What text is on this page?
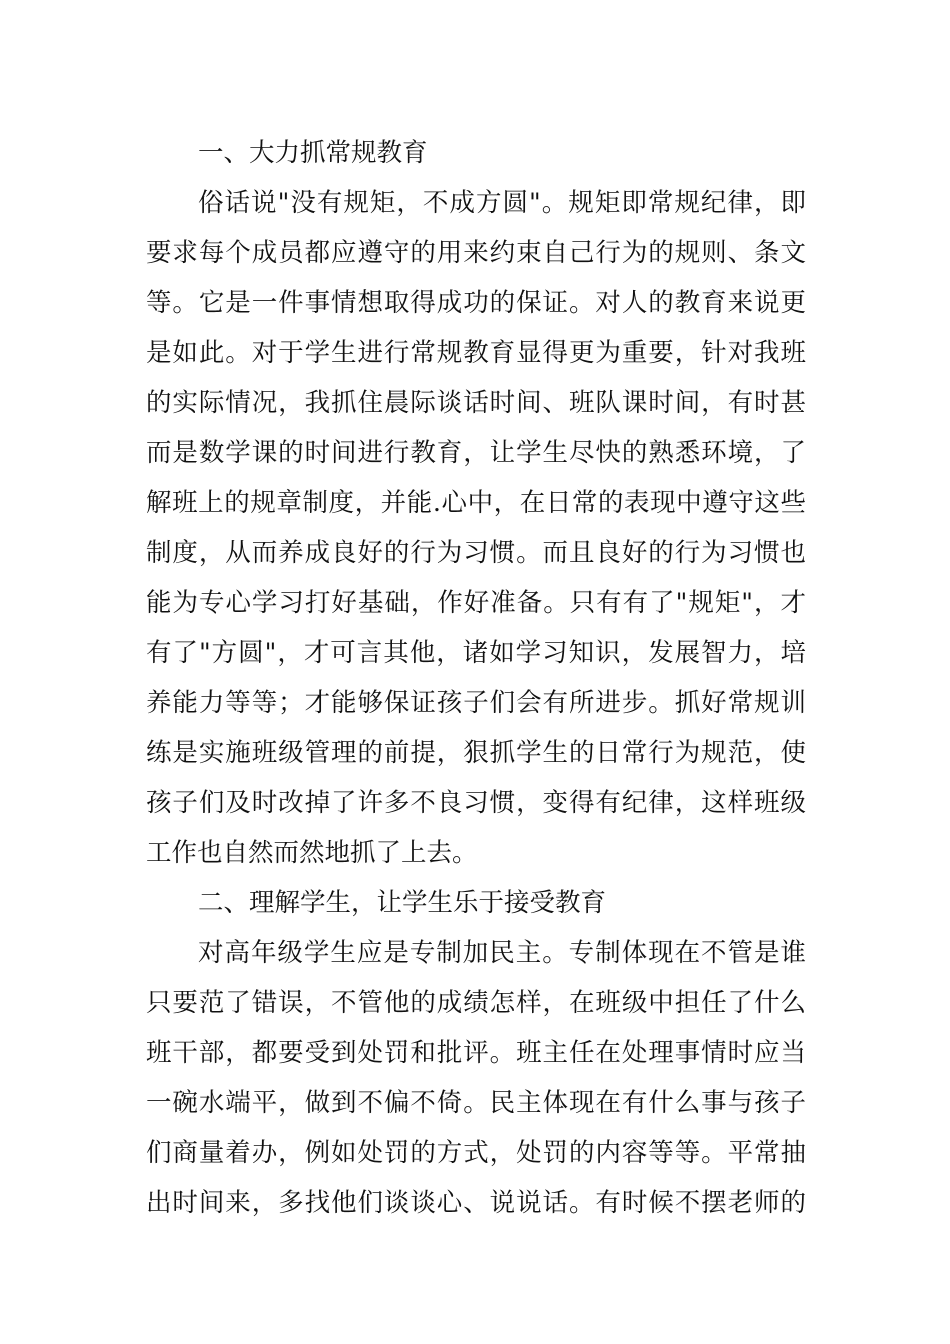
一、大力抓常规教育
俗话说"没有规矩，不成方圆"。规矩即常规纪律，即
要求每个成员都应遵守的用来约束自己行为的规则、条文
等。它是一件事情想取得成功的保证。对人的教育来说更
是如此。对于学生进行常规教育显得更为重要，针对我班
的实际情况，我抓住晨际谈话时间、班队课时间，有时甚
而是数学课的时间进行教育，让学生尽快的熟悉环境，了
解班上的规章制度，并能.心中，在日常的表现中遵守这些
制度，从而养成良好的行为习惯。而且良好的行为习惯也
能为专心学习打好基础，作好准备。只有有了"规矩"，才
有了"方圆"，才可言其他，诸如学习知识，发展智力，培
养能力等等；才能够保证孩子们会有所进步。抓好常规训
练是实施班级管理的前提，狠抓学生的日常行为规范，使
孩子们及时改掉了许多不良习惯，变得有纪律，这样班级
工作也自然而然地抓了上去。
二、理解学生，让学生乐于接受教育
对高年级学生应是专制加民主。专制体现在不管是谁
只要范了错误，不管他的成绩怎样，在班级中担任了什么
班干部，都要受到处罚和批评。班主任在处理事情时应当
一碗水端平，做到不偏不倚。民主体现在有什么事与孩子
们商量着办，例如处罚的方式，处罚的内容等等。平常抽
出时间来，多找他们谈谈心、说说话。有时候不摆老师的
